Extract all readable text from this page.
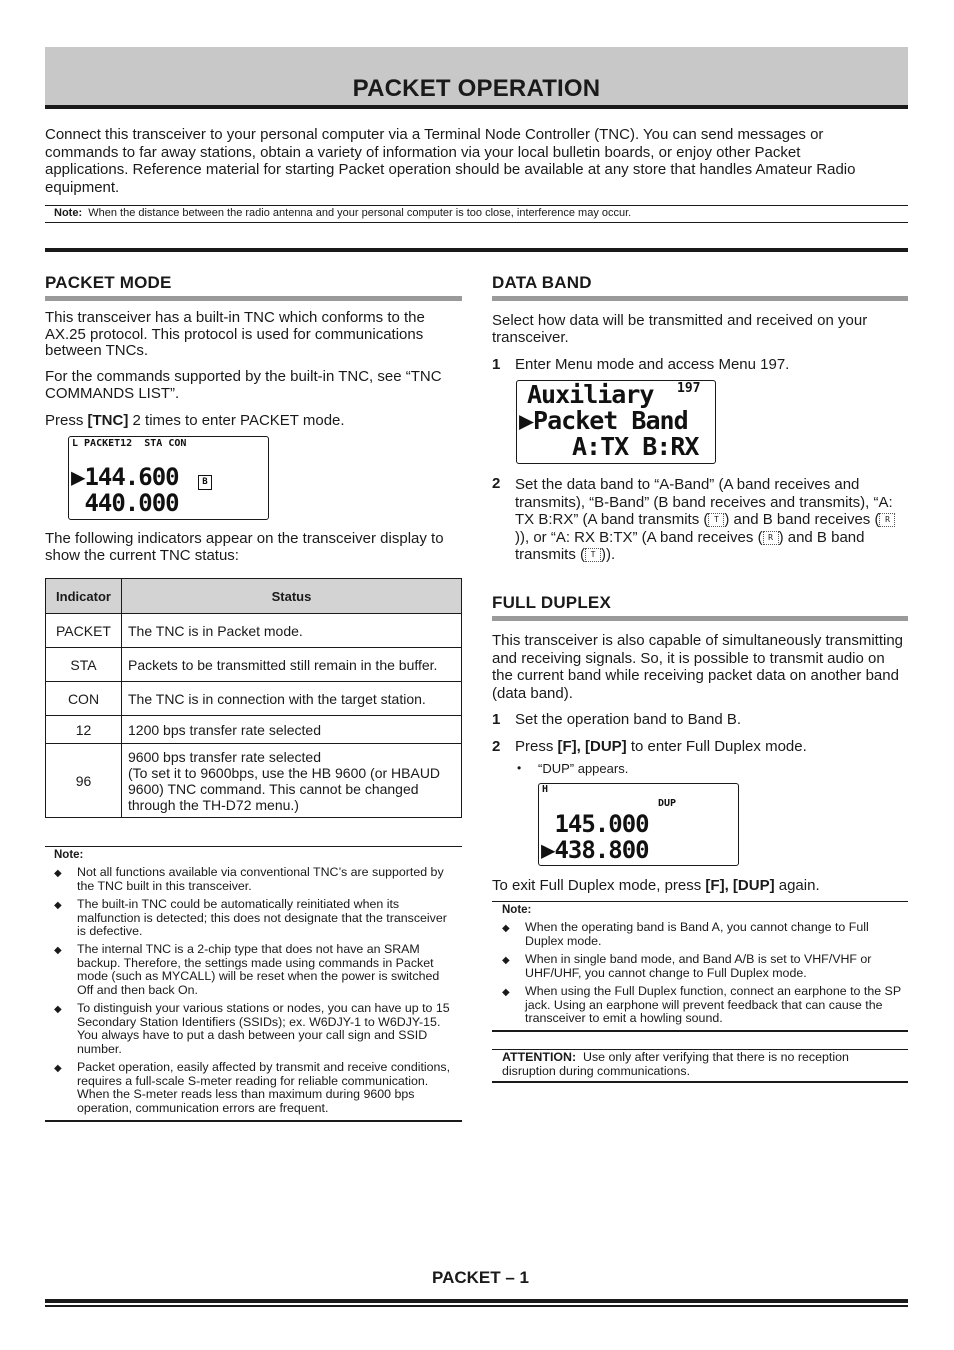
PACKET OPERATION
Connect this transceiver to your personal computer via a Terminal Node Controller (TNC). You can send messages or commands to far away stations, obtain a variety of information via your local bulletin boards, or enjoy other Packet applications. Reference material for starting Packet operation should be available at any store that handles Amateur Radio equipment.
Note: When the distance between the radio antenna and your personal computer is too close, interference may occur.
PACKET MODE
This transceiver has a built-in TNC which conforms to the AX.25 protocol. This protocol is used for communications between TNCs.
For the commands supported by the built-in TNC, see “TNC COMMANDS LIST”.
Press [TNC] 2 times to enter PACKET mode.
L PACKET12  STA CON
▶144.600
440.000
B
The following indicators appear on the transceiver display to show the current TNC status:
Indicator	Status
PACKET	The TNC is in Packet mode.
STA	Packets to be transmitted still remain in the buffer.
CON	The TNC is in connection with the target station.
12	1200 bps transfer rate selected
96	9600 bps transfer rate selected
(To set it to 9600bps, use the HB 9600 (or HBAUD 9600) TNC command. This cannot be changed through the TH-D72 menu.)
Note:
◆ Not all functions available via conventional TNC’s are supported by the TNC built in this transceiver.
◆ The built-in TNC could be automatically reinitiated when its malfunction is detected; this does not designate that the transceiver is defective.
◆ The internal TNC is a 2-chip type that does not have an SRAM backup. Therefore, the settings made using commands in Packet mode (such as MYCALL) will be reset when the power is switched Off and then back On.
◆ To distinguish your various stations or nodes, you can have up to 15 Secondary Station Identifiers (SSIDs); ex. W6DJY-1 to W6DJY-15. You always have to put a dash between your call sign and SSID number.
◆ Packet operation, easily affected by transmit and receive conditions, requires a full-scale S-meter reading for reliable communication. When the S-meter reads less than maximum during 9600 bps operation, communication errors are frequent.
DATA BAND
Select how data will be transmitted and received on your transceiver.
1 Enter Menu mode and access Menu 197.
Auxiliary 197
▶Packet Band
A:TX B:RX
2 Set the data band to “A-Band” (A band receives and transmits), “B-Band” (B band receives and transmits), “A: TX B:RX” (A band transmits ( T ) and B band receives ( R)), or “A: RX B:TX” (A band receives ( R ) and B band transmits ( T )).
FULL DUPLEX
This transceiver is also capable of simultaneously transmitting and receiving signals. So, it is possible to transmit audio on the current band while receiving packet data on another band (data band).
1 Set the operation band to Band B.
2 Press [F], [DUP] to enter Full Duplex mode.
• “DUP” appears.
H
DUP
145.000
▶438.800
To exit Full Duplex mode, press [F], [DUP] again.
Note:
◆ When the operating band is Band A, you cannot change to Full Duplex mode.
◆ When in single band mode, and Band A/B is set to VHF/VHF or UHF/UHF, you cannot change to Full Duplex mode.
◆ When using the Full Duplex function, connect an earphone to the SP jack. Using an earphone will prevent feedback that can cause the transceiver to emit a howling sound.
ATTENTION: Use only after verifying that there is no reception disruption during communications.
PACKET – 1
